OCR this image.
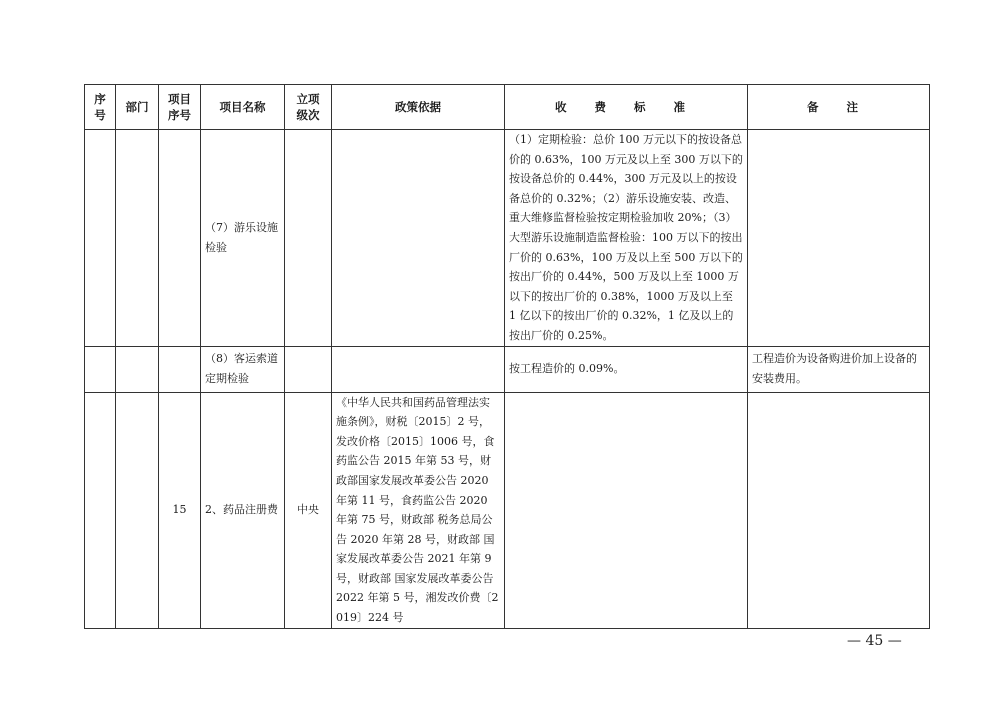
序号	部门	项目序号	项目名称	立项级次	政策依据	收 费 标 准	备 注
			（7）游乐设施检验			（1）定期检验：总价 100 万元以下的按设备总价的 0.63%，100 万元及以上至 300 万以下的按设备总价的 0.44%，300 万元及以上的按设备总价的 0.32%；（2）游乐设施安装、改造、重大维修监督检验按定期检验加收 20%；（3）大型游乐设施制造监督检验：100 万以下的按出厂价的 0.63%，100 万及以上至 500 万以下的按出厂价的 0.44%，500 万及以上至 1000 万以下的按出厂价的 0.38%，1000 万及以上至 1 亿以下的按出厂价的 0.32%，1 亿及以上的按出厂价的 0.25%。	
			（8）客运索道定期检验			按工程造价的 0.09%。	工程造价为设备购进价加上设备的安装费用。
		15	2、药品注册费	中央	《中华人民共和国药品管理法实施条例》，财税〔2015〕2 号，发改价格〔2015〕1006 号，食药监公告 2015 年第 53 号，财政部国家发展改革委公告 2020 年第 11 号，食药监公告 2020 年第 75 号，财政部 税务总局公告 2020 年第 28 号，财政部 国家发展改革委公告 2021 年第 9 号，财政部 国家发展改革委公告 2022 年第 5 号，湘发改价费〔2019〕224 号		
— 45 —
